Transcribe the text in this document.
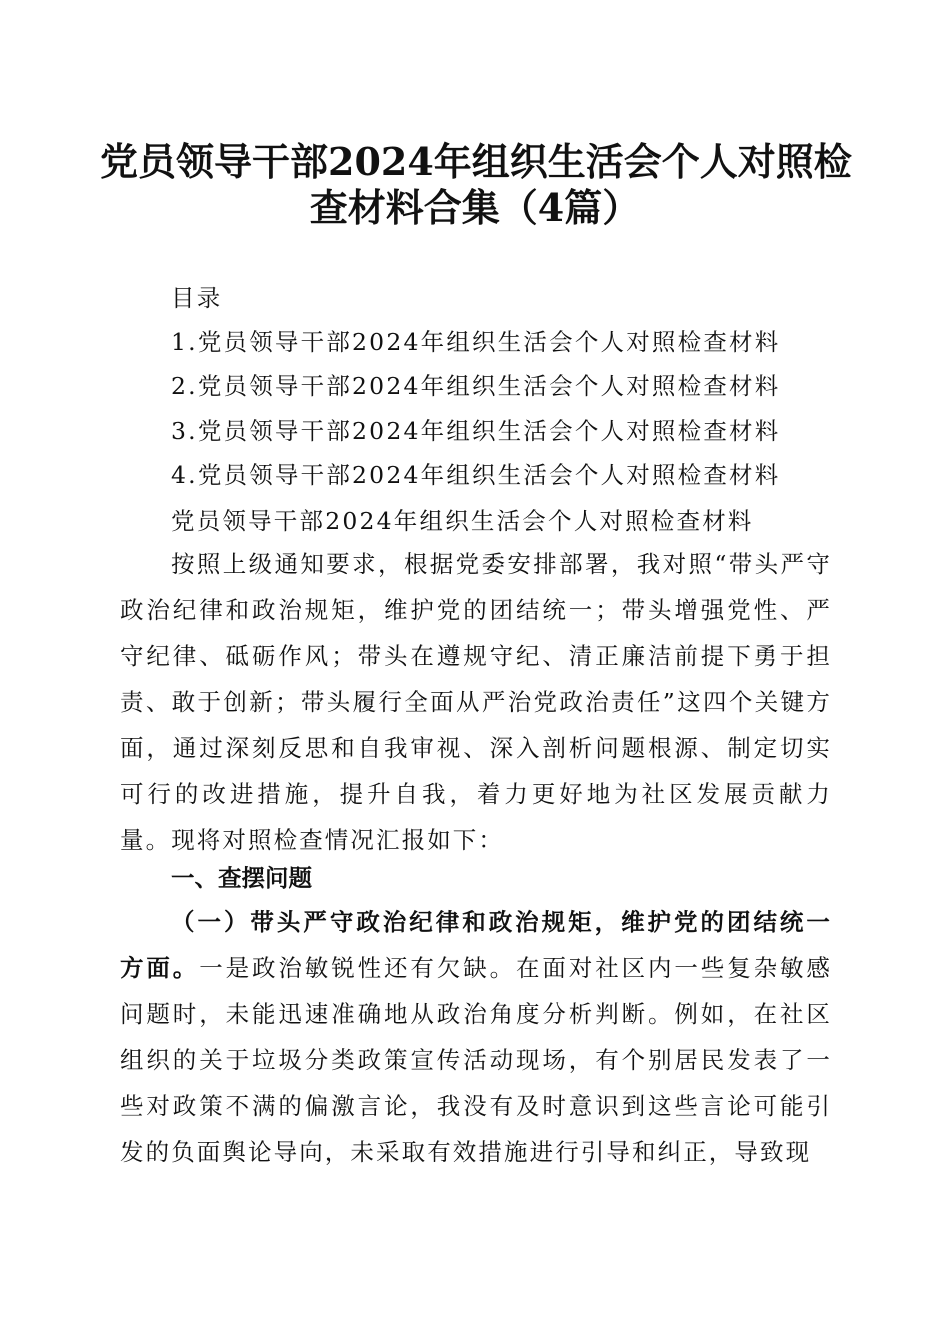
党员领导干部2024年组织生活会个人对照检
查材料合集（4篇）
目录
1.党员领导干部2024年组织生活会个人对照检查材料
2.党员领导干部2024年组织生活会个人对照检查材料
3.党员领导干部2024年组织生活会个人对照检查材料
4.党员领导干部2024年组织生活会个人对照检查材料
党员领导干部2024年组织生活会个人对照检查材料

按照上级通知要求，根据党委安排部署，我对照“带头严守政治纪律和政治规矩，维护党的团结统一；带头增强党性、严守纪律、砥砺作风；带头在遵规守纪、清正廉洁前提下勇于担责、敢于创新；带头履行全面从严治党政治责任”这四个关键方面，通过深刻反思和自我审视、深入剖析问题根源、制定切实可行的改进措施，提升自我，着力更好地为社区发展贡献力量。现将对照检查情况汇报如下：

一、查摆问题

（一）带头严守政治纪律和政治规矩，维护党的团结统一方面。一是政治敏锐性还有欠缺。在面对社区内一些复杂敏感问题时，未能迅速准确地从政治角度分析判断。例如，在社区组织的关于垃圾分类政策宣传活动现场，有个别居民发表了一些对政策不满的偏激言论，我没有及时意识到这些言论可能引发的负面舆论导向，未采取有效措施进行引导和纠正，导致现
